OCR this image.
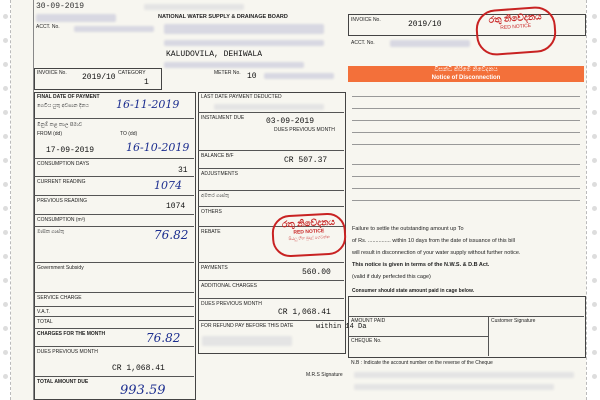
30-09-2019
NATIONAL WATER SUPPLY & DRAINAGE BOARD
ACCT. No.
KALUDOVILA, DEHIWALA
INVOICE No. 2019/10 CATEGORY
1
METER No. 10
FINAL DATE OF PAYMENT
ගෙවිය යුතු අවසාන දිනය 16-11-2019
මිනුම් කළ කාල සීමාව
FROM (dd)	TO (dd)
17-09-2019	16-10-2019
CONSUMPTION DAYS
31
CURRENT READING	1074
PREVIOUS READING
1074
CONSUMPTION (m³)
මාසික ගාස්තු	76.82
Government Subsidy
SERVICE CHARGE
V.A.T.
TOTAL
CHARGES FOR THE MONTH	76.82
DUES PREVIOUS MONTH
CR 1,068.41
TOTAL AMOUNT DUE
993.59
LAST DATE PAYMENT DEDUCTED
INSTALMENT DUE	03-09-2019
DUES PREVIOUS MONTH
BALANCE B/F	CR 507.37
ADJUSTMENTS
අමතර ගාස්තු
OTHERS
REBATE
PAYMENTS	560.00
ADDITIONAL CHARGES
DUES PREVIOUS MONTH
CR 1,068.41
FOR REFUND PAY BEFORE THIS DATE	within 14 Da
M.R.S Signature
රතු නිවේදනය
RED NOTICE
සියලු හිඟ මුදල් ගෙවන්න
INVOICE No.	2019/10
ACCT. No.
රතු නිවේදනය
RED NOTICE
විසන්ධි කිරීමේ නිවේදනය
Notice of Disconnection
Failure to settle the outstanding amount up To
of Rs. ............... within 10 days from the date of issuance of this bill
will result in disconnection of your water supply without further notice.
This notice is given in terms of the N.W.S. & D.B Act.
(valid if duly perfected this cage)
Consumer should state amount paid in cage below.
AMOUNT PAID	Customer Signature
CHEQUE No.
N.B : Indicate the account number on the reverse of the Cheque
